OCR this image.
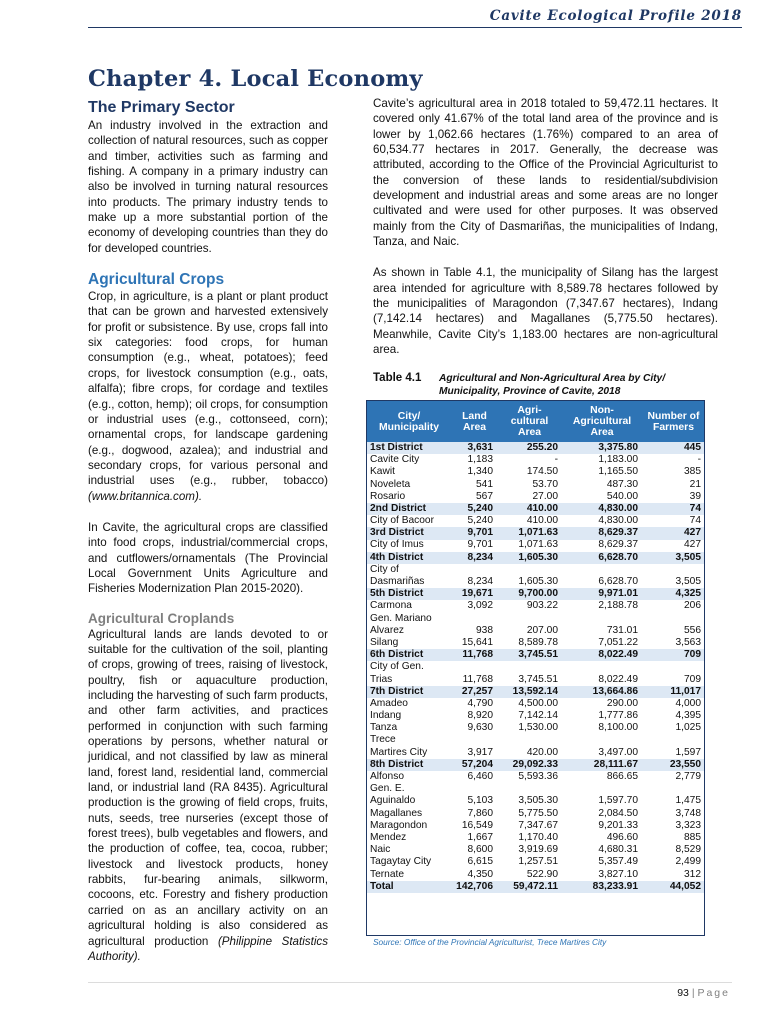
Cavite Ecological Profile 2018
Chapter 4. Local Economy

The Primary Sector

An industry involved in the extraction and collection of natural resources, such as copper and timber, activities such as farming and fishing. A company in a primary industry can also be involved in turning natural resources into products. The primary industry tends to make up a more substantial portion of the economy of developing countries than they do for developed countries.

Agricultural Crops

Crop, in agriculture, is a plant or plant product that can be grown and harvested extensively for profit or subsistence. By use, crops fall into six categories: food crops, for human consumption (e.g., wheat, potatoes); feed crops, for livestock consumption (e.g., oats, alfalfa); fibre crops, for cordage and textiles (e.g., cotton, hemp); oil crops, for consumption or industrial uses (e.g., cottonseed, corn); ornamental crops, for landscape gardening (e.g., dogwood, azalea); and industrial and secondary crops, for various personal and industrial uses (e.g., rubber, tobacco) (www.britannica.com).

In Cavite, the agricultural crops are classified into food crops, industrial/commercial crops, and cutflowers/ornamentals (The Provincial Local Government Units Agriculture and Fisheries Modernization Plan 2015-2020).

Agricultural Croplands

Agricultural lands are lands devoted to or suitable for the cultivation of the soil, planting of crops, growing of trees, raising of livestock, poultry, fish or aquaculture production, including the harvesting of such farm products, and other farm activities, and practices performed in conjunction with such farming operations by persons, whether natural or juridical, and not classified by law as mineral land, forest land, residential land, commercial land, or industrial land (RA 8435). Agricultural production is the growing of field crops, fruits, nuts, seeds, tree nurseries (except those of forest trees), bulb vegetables and flowers, and the production of coffee, tea, cocoa, rubber; livestock and livestock products, honey rabbits, fur-bearing animals, silkworm, cocoons, etc. Forestry and fishery production carried on as an ancillary activity on an agricultural holding is also considered as agricultural production (Philippine Statistics Authority).

Cavite’s agricultural area in 2018 totaled to 59,472.11 hectares. It covered only 41.67% of the total land area of the province and is lower by 1,062.66 hectares (1.76%) compared to an area of 60,534.77 hectares in 2017. Generally, the decrease was attributed, according to the Office of the Provincial Agriculturist to the conversion of these lands to residential/subdivision development and industrial areas and some areas are no longer cultivated and were used for other purposes. It was observed mainly from the City of Dasmariñas, the municipalities of Indang, Tanza, and Naic.

As shown in Table 4.1, the municipality of Silang has the largest area intended for agriculture with 8,589.78 hectares followed by the municipalities of Maragondon (7,347.67 hectares), Indang (7,142.14 hectares) and Magallanes (5,775.50 hectares). Meanwhile, Cavite City’s 1,183.00 hectares are non-agricultural area.

Table 4.1 Agricultural and Non-Agricultural Area by City/ Municipality, Province of Cavite, 2018
City/ Municipality	Land Area	Agri-cultural Area	Non-Agricultural Area	Number of Farmers
1st District	3,631	255.20	3,375.80	445
Cavite City	1,183	-	1,183.00	-
Kawit	1,340	174.50	1,165.50	385
Noveleta	541	53.70	487.30	21
Rosario	567	27.00	540.00	39
2nd District	5,240	410.00	4,830.00	74
City of Bacoor	5,240	410.00	4,830.00	74
3rd District	9,701	1,071.63	8,629.37	427
City of Imus	9,701	1,071.63	8,629.37	427
4th District	8,234	1,605.30	6,628.70	3,505
City of				
Dasmariñas	8,234	1,605.30	6,628.70	3,505
5th District	19,671	9,700.00	9,971.01	4,325
Carmona	3,092	903.22	2,188.78	206
Gen. Mariano				
Alvarez	938	207.00	731.01	556
Silang	15,641	8,589.78	7,051.22	3,563
6th District	11,768	3,745.51	8,022.49	709
City of Gen.				
Trias	11,768	3,745.51	8,022.49	709
7th District	27,257	13,592.14	13,664.86	11,017
Amadeo	4,790	4,500.00	290.00	4,000
Indang	8,920	7,142.14	1,777.86	4,395
Tanza	9,630	1,530.00	8,100.00	1,025
Trece				
Martires City	3,917	420.00	3,497.00	1,597
8th District	57,204	29,092.33	28,111.67	23,550
Alfonso	6,460	5,593.36	866.65	2,779
Gen. E.				
Aguinaldo	5,103	3,505.30	1,597.70	1,475
Magallanes	7,860	5,775.50	2,084.50	3,748
Maragondon	16,549	7,347.67	9,201.33	3,323
Mendez	1,667	1,170.40	496.60	885
Naic	8,600	3,919.69	4,680.31	8,529
Tagaytay City	6,615	1,257.51	5,357.49	2,499
Ternate	4,350	522.90	3,827.10	312
Total	142,706	59,472.11	83,233.91	44,052
Source: Office of the Provincial Agriculturist, Trece Martires City
93 | Page
